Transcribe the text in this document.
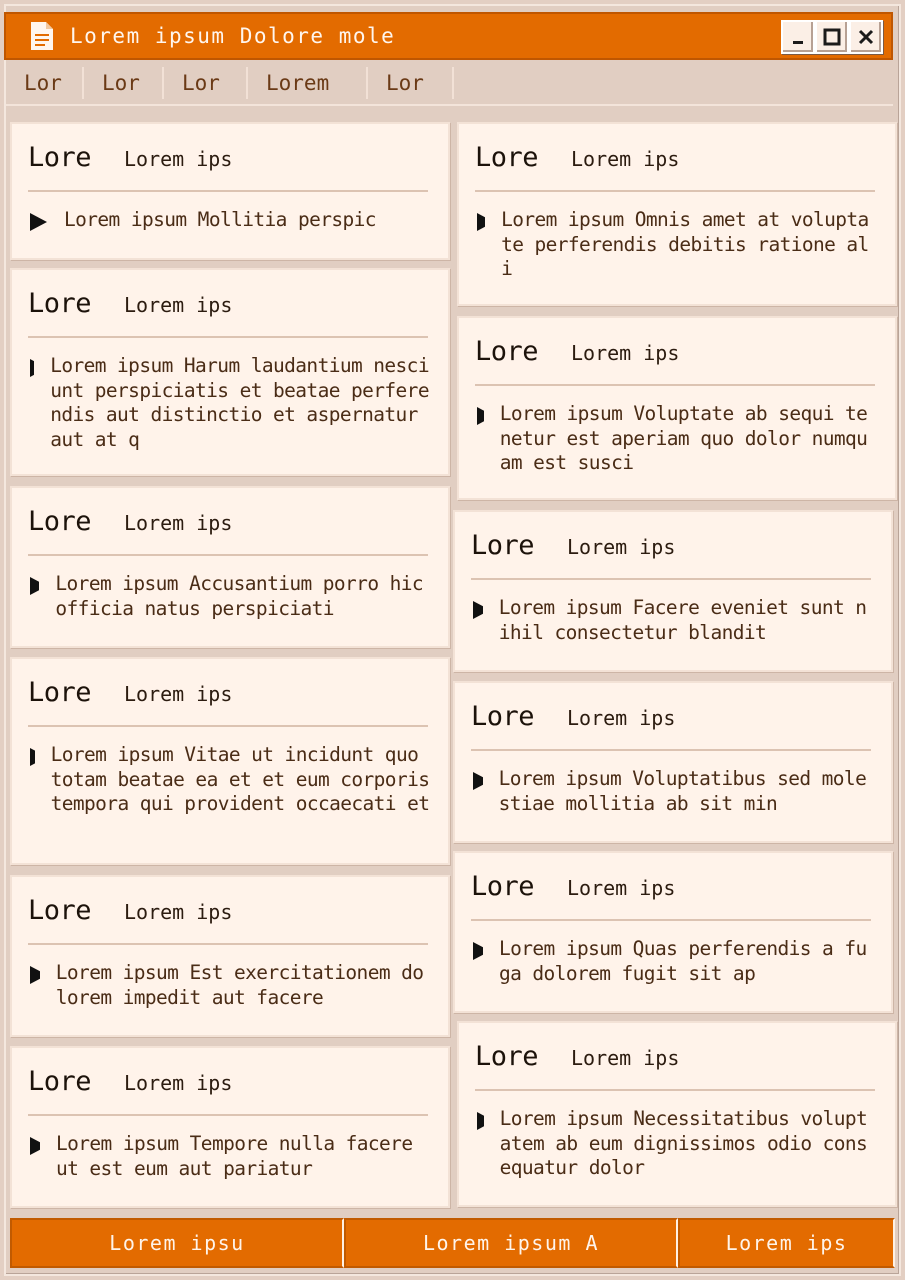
Lorem ipsum Dolore mole
Lor	Lor	Lor	Lorem	Lor
Lore	Lorem ips
Lorem ipsum Mollitia perspic
Lore	Lorem ips
Lorem ipsum Harum laudantium nesciunt perspiciatis et beatae perferendis aut distinctio et aspernatur aut at q
Lore	Lorem ips
Lorem ipsum Accusantium porro hic officia natus perspiciati
Lore	Lorem ips
Lorem ipsum Vitae ut incidunt quo totam beatae ea et et eum corporis tempora qui provident occaecati et
Lore	Lorem ips
Lorem ipsum Est exercitationem dolorem impedit aut facere
Lore	Lorem ips
Lorem ipsum Tempore nulla facere ut est eum aut pariatur
Lore	Lorem ips
Lorem ipsum Omnis amet at voluptate perferendis debitis ratione ali
Lore	Lorem ips
Lorem ipsum Voluptate ab sequi tenetur est aperiam quo dolor numquam est susci
Lore	Lorem ips
Lorem ipsum Facere eveniet sunt nihil consectetur blandit
Lore	Lorem ips
Lorem ipsum Voluptatibus sed molestiae mollitia ab sit min
Lore	Lorem ips
Lorem ipsum Quas perferendis a fuga dolorem fugit sit ap
Lore	Lorem ips
Lorem ipsum Necessitatibus voluptatem ab eum dignissimos odio consequatur dolor
Lorem ipsu	Lorem ipsum A	Lorem ips
